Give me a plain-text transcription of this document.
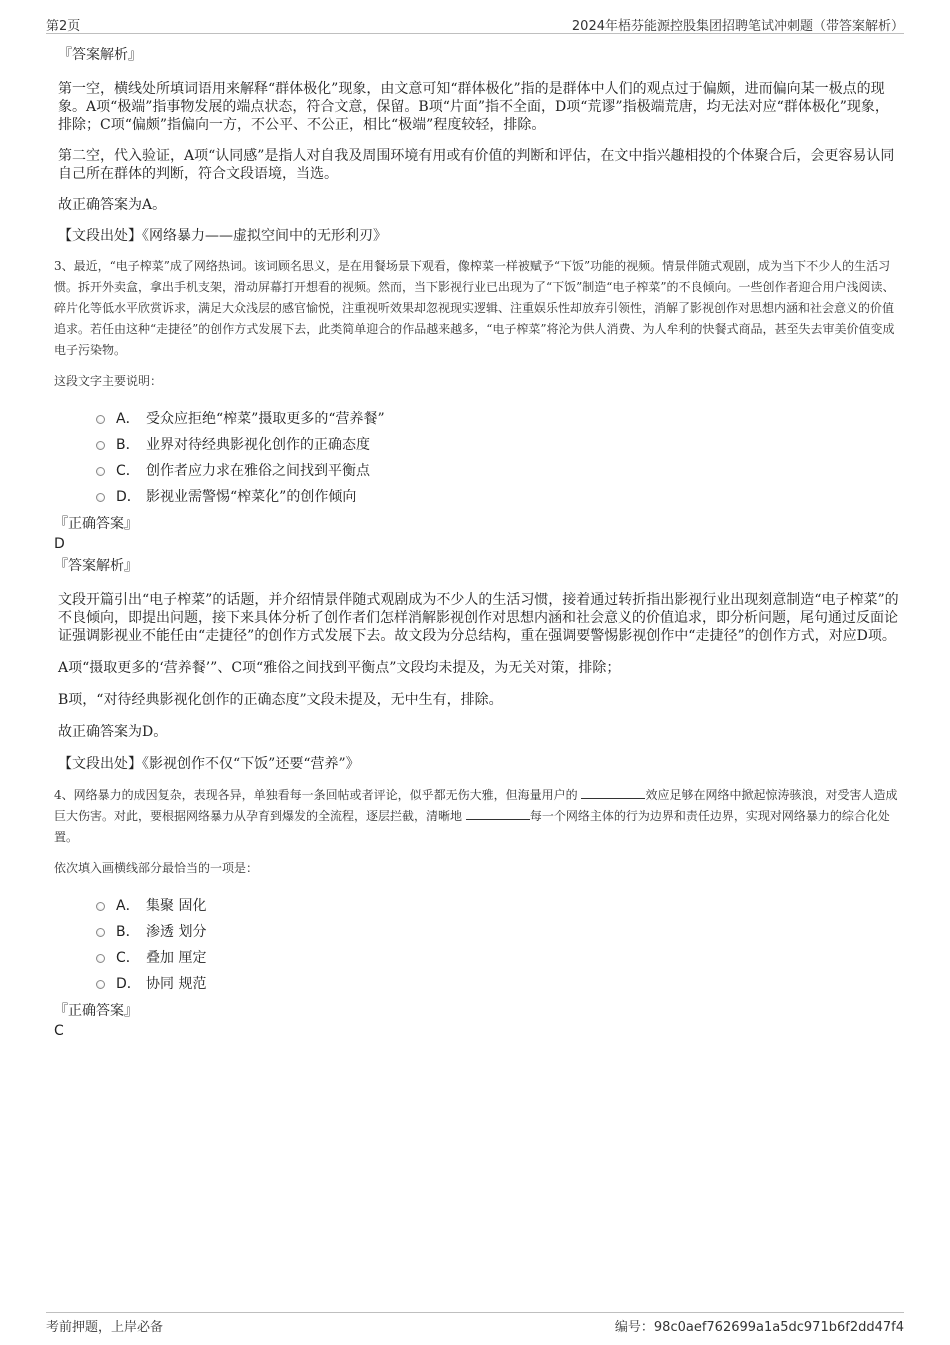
第2页	2024年梧芬能源控股集团招聘笔试冲刺题（带答案解析）

『答案解析』

第一空，横线处所填词语用来解释“群体极化”现象，由文意可知“群体极化”指的是群体中人们的观点过于偏颇，进而偏向某一极点的现象。A项“极端”指事物发展的端点状态，符合文意，保留。B项“片面”指不全面，D项“荒谬”指极端荒唐，均无法对应“群体极化”现象，排除；C项“偏颇”指偏向一方，不公平、不公正，相比“极端”程度较轻，排除。

第二空，代入验证，A项“认同感”是指人对自我及周围环境有用或有价值的判断和评估，在文中指兴趣相投的个体聚合后，会更容易认同自己所在群体的判断，符合文段语境，当选。

故正确答案为A。

【文段出处】《网络暴力——虚拟空间中的无形利刃》

3、最近，“电子榨菜”成了网络热词。该词顾名思义，是在用餐场景下观看，像榨菜一样被赋予“下饭”功能的视频。情景伴随式观剧，成为当下不少人的生活习惯。拆开外卖盒，拿出手机支架，滑动屏幕打开想看的视频。然而，当下影视行业已出现为了“下饭”制造“电子榨菜”的不良倾向。一些创作者迎合用户浅阅读、碎片化等低水平欣赏诉求，满足大众浅层的感官愉悦，注重视听效果却忽视现实逻辑、注重娱乐性却放弃引领性，消解了影视创作对思想内涵和社会意义的价值追求。若任由这种“走捷径”的创作方式发展下去，此类简单迎合的作品越来越多，“电子榨菜”将沦为供人消费、为人牟利的快餐式商品，甚至失去审美价值变成电子污染物。

这段文字主要说明：

A． 受众应拒绝“榨菜”摄取更多的“营养餐”
B． 业界对待经典影视化创作的正确态度
C． 创作者应力求在雅俗之间找到平衡点
D． 影视业需警惕“榨菜化”的创作倾向

『正确答案』

D

『答案解析』

文段开篇引出“电子榨菜”的话题，并介绍情景伴随式观剧成为不少人的生活习惯，接着通过转折指出影视行业出现刻意制造“电子榨菜”的不良倾向，即提出问题，接下来具体分析了创作者们怎样消解影视创作对思想内涵和社会意义的价值追求，即分析问题，尾句通过反面论证强调影视业不能任由“走捷径”的创作方式发展下去。故文段为分总结构，重在强调要警惕影视创作中“走捷径”的创作方式，对应D项。

A项“摄取更多的‘营养餐’”、C项“雅俗之间找到平衡点”文段均未提及，为无关对策，排除；

B项，“对待经典影视化创作的正确态度”文段未提及，无中生有，排除。

故正确答案为D。

【文段出处】《影视创作不仅“下饭”还要“营养”》

4、网络暴力的成因复杂，表现各异，单独看每一条回帖或者评论，似乎都无伤大雅，但海量用户的	效应足够在网络中掀起惊涛骇浪，对受害人造成巨大伤害。对此，要根据网络暴力从孕育到爆发的全流程，逐层拦截，清晰地	每一个网络主体的行为边界和责任边界，实现对网络暴力的综合化处置。

依次填入画横线部分最恰当的一项是：

A． 集聚 固化
B． 渗透 划分
C． 叠加 厘定
D． 协同 规范

『正确答案』

C

考前押题，上岸必备	编号：98c0aef762699a1a5dc971b6f2dd47f4
